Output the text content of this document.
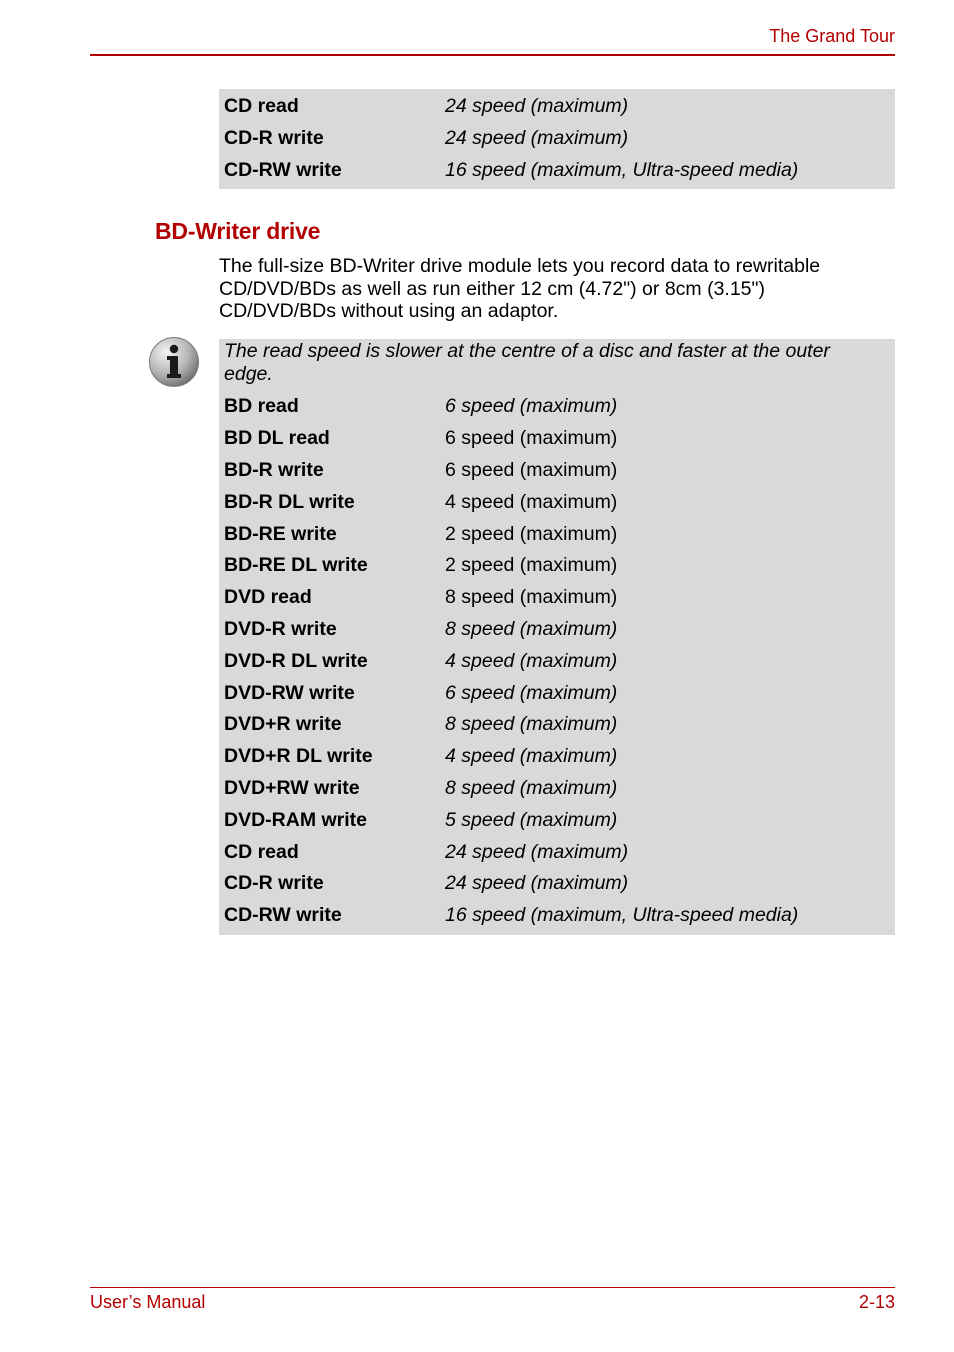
The Grand Tour
CD read	24 speed (maximum)
CD-R write	24 speed (maximum)
CD-RW write	16 speed (maximum, Ultra-speed media)
BD-Writer drive
The full-size BD-Writer drive module lets you record data to rewritable CD/DVD/BDs as well as run either 12 cm (4.72") or 8cm (3.15") CD/DVD/BDs without using an adaptor.
The read speed is slower at the centre of a disc and faster at the outer edge.
BD read	6 speed (maximum)
BD DL read	6 speed (maximum)
BD-R write	6 speed (maximum)
BD-R DL write	4 speed (maximum)
BD-RE write	2 speed (maximum)
BD-RE DL write	2 speed (maximum)
DVD read	8 speed (maximum)
DVD-R write	8 speed (maximum)
DVD-R DL write	4 speed (maximum)
DVD-RW write	6 speed (maximum)
DVD+R write	8 speed (maximum)
DVD+R DL write	4 speed (maximum)
DVD+RW write	8 speed (maximum)
DVD-RAM write	5 speed (maximum)
CD read	24 speed (maximum)
CD-R write	24 speed (maximum)
CD-RW write	16 speed (maximum, Ultra-speed media)
User’s Manual	2-13
